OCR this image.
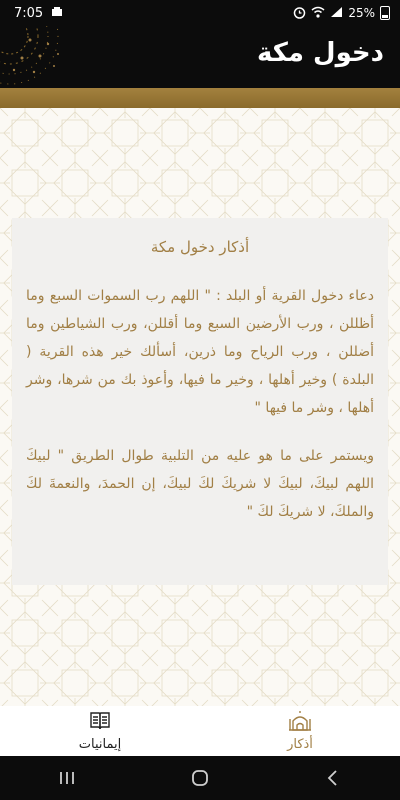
7:05	25%
دخول مكة
أذكار دخول مكة

دعاء دخول القرية أو البلد : " اللهم رب السموات السبع وما أظللن ، ورب الأرضين السبع وما أقللن، ورب الشياطين وما أضللن ، ورب الرياح وما ذرين، أسألك خير هذه القرية ( البلدة ) وخير أهلها ، وخير ما فيها، وأعوذ بك من شرها، وشر أهلها ، وشر ما فيها "

ويستمر على ما هو عليه من التلبية طوال الطريق " لبيكَ اللهم لبيكَ، لبيكَ لا شريكَ لكَ لبيكَ، إن الحمدَ، والنعمةَ لكَ والملكَ، لا شريكَ لكَ "

أذكار
إيمانيات
